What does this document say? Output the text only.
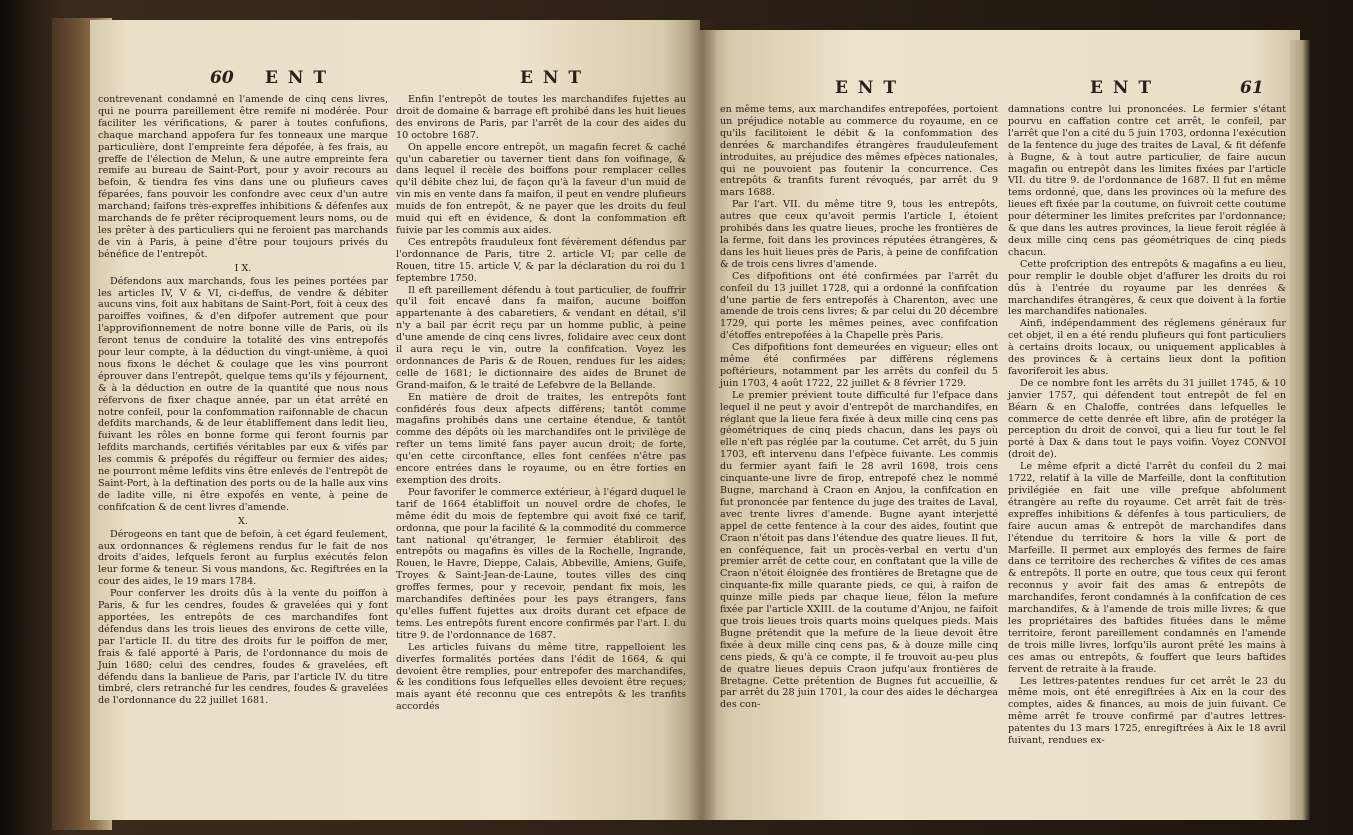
60 E N T	E N T

contrevenant condamné en l'amende de cinq cens livres, qui ne pourra pareillement être remife ni modérée. Pour faciliter les vérifications, & parer à toutes confufions, chaque marchand appofera fur fes tonneaux une marque particulière, dont l'empreinte fera dépofée, à fes frais, au greffe de l'élection de Melun, & une autre empreinte fera remife au bureau de Saint-Port, pour y avoir recours au befoin, & tiendra fes vins dans une ou plufieurs caves féparées, fans pouvoir les confondre avec ceux d'un autre marchand; faifons très-expreffes inhibitions & défenfes aux marchands de fe prêter réciproquement leurs noms, ou de les prêter à des particuliers qui ne feroient pas marchands de vin à Paris, à peine d'être pour toujours privés du bénéfice de l'entrepôt.

I X.

Défendons aux marchands, fous les peines portées par les articles IV, V & VI, ci-deffus, de vendre & débiter aucuns vins, foit aux habitans de Saint-Port, foit à ceux des paroiffes voifines, & d'en difpofer autrement que pour l'approvifionnement de notre bonne ville de Paris, où ils feront tenus de conduire la totalité des vins entrepofés pour leur compte, à la déduction du vingt-unième, à quoi nous fixons le déchet & coulage que les vins pourront éprouver dans l'entrepôt, quelque tems qu'ils y féjournent, & à la déduction en outre de la quantité que nous nous réfervons de fixer chaque année, par un état arrêté en notre confeil, pour la confommation raifonnable de chacun defdits marchands, & de leur établiffement dans ledit lieu, fuivant les rôles en bonne forme qui feront fournis par lefdits marchands, certifiés véritables par eux & vifés par les commis & prépofés du régiffeur ou fermier des aides; ne pourront même lefdits vins être enlevés de l'entrepôt de Saint-Port, à la deftination des ports ou de la halle aux vins de ladite ville, ni être expofés en vente, à peine de confifcation & de cent livres d'amende.

X.

Dérogeons en tant que de befoin, à cet égard feulement, aux ordonnances & réglemens rendus fur le fait de nos droits d'aides, lefquels feront au furplus exécutés felon leur forme & teneur. Si vous mandons, &c. Regiftrées en la cour des aides, le 19 mars 1784.

Pour conferver les droits dûs à la vente du poiffon à Paris, & fur les cendres, foudes & gravelées qui y font apportées, les entrepôts de ces marchandifes font défendus dans les trois lieues des environs de cette ville, par l'article II. du titre des droits fur le poiffon de mer, frais & falé apporté à Paris, de l'ordonnance du mois de Juin 1680; celui des cendres, foudes & gravelées, eft défendu dans la banlieue de Paris, par l'article IV. du titre timbré, clers retranché fur les cendres, foudes & gravelées de l'ordonnance du 22 juillet 1681.

Enfin l'entrepôt de toutes les marchandifes fujettes au droit de domaine & barrage eft prohibé dans les huit lieues des environs de Paris, par l'arrêt de la cour des aides du 10 octobre 1687.

On appelle encore entrepôt, un magafin fecret & caché qu'un cabaretier ou taverner tient dans fon voifinage, & dans lequel il recèle des boiffons pour remplacer celles qu'il débite chez lui, de façon qu'à la faveur d'un muid de vin mis en vente dans fa maifon, il peut en vendre plufieurs muids de fon entrepôt, & ne payer que les droits du feul muid qui eft en évidence, & dont la confommation eft fuivie par les commis aux aides.

Ces entrepôts frauduleux font févèrement défendus par l'ordonnance de Paris, titre 2. article VI; par celle de Rouen, titre 15. article V, & par la déclaration du roi du 1 feptembre 1750.

Il eft pareillement défendu à tout particulier, de fouffrir qu'il foit encavé dans fa maifon, aucune boiffon appartenante à des cabaretiers, & vendant en détail, s'il n'y a bail par écrit reçu par un homme public, à peine d'une amende de cinq cens livres, folidaire avec ceux dont il aura reçu le vin, outre la confifcation. Voyez les ordonnances de Paris & de Rouen, rendues fur les aides; celle de 1681; le dictionnaire des aides de Brunet de Grand-maifon, & le traité de Lefebvre de la Bellande.

En matière de droit de traites, les entrepôts font confidérés fous deux afpects différens; tantôt comme magafins prohibés dans une certaine étendue, & tantôt comme des dépôts où les marchandifes ont le privilège de refter un tems limité fans payer aucun droit; de forte, qu'en cette circonftance, elles font cenfées n'être pas encore entrées dans le royaume, ou en être forties en exemption des droits.

Pour favorifer le commerce extérieur, à l'égard duquel le tarif de 1664 établiffoit un nouvel ordre de chofes, le même édit du mois de feptembre qui avoit fixé ce tarif, ordonna, que pour la facilité & la commodité du commerce tant national qu'étranger, le fermier établiroit des entrepôts ou magafins ès villes de la Rochelle, Ingrande, Rouen, le Havre, Dieppe, Calais, Abbeville, Amiens, Guife, Troyes & Saint-Jean-de-Laune, toutes villes des cinq groffes fermes, pour y recevoir, pendant fix mois, les marchandifes deftinées pour les pays étrangers, fans qu'elles fuffent fujettes aux droits durant cet efpace de tems. Les entrepôts furent encore confirmés par l'art. I. du titre 9. de l'ordonnance de 1687.

Les articles fuivans du même titre, rappelloient les diverfes formalités portées dans l'édit de 1664, & qui devoient être remplies, pour entrepofer des marchandifes, & les conditions fous lefquelles elles devoient être reçues; mais ayant été reconnu que ces entrepôts & les tranfits accordés

E N T	E N T	61

en même tems, aux marchandifes entrepofées, portoient un préjudice notable au commerce du royaume, en ce qu'ils facilitoient le débit & la confommation des denrées & marchandifes étrangères frauduleufement introduites, au préjudice des mêmes efpèces nationales, qui ne pouvoient pas foutenir la concurrence. Ces entrepôts & tranfits furent révoqués, par arrêt du 9 mars 1688.

Par l'art. VII. du même titre 9, tous les entrepôts, autres que ceux qu'avoit permis l'article I, étoient prohibés dans les quatre lieues, proche les frontières de la ferme, foit dans les provinces réputées étrangères, & dans les huit lieues près de Paris, à peine de confifcation & de trois cens livres d'amende.

Ces difpofitions ont été confirmées par l'arrêt du confeil du 13 juillet 1728, qui a ordonné la confifcation d'une partie de fers entrepofés à Charenton, avec une amende de trois cens livres; & par celui du 20 décembre 1729, qui porte les mêmes peines, avec confifcation d'étoffes entrepofées à la Chapelle près Paris.

Ces difpofitions font demeurées en vigueur; elles ont même été confirmées par différens réglemens poftérieurs, notamment par les arrêts du confeil du 5 juin 1703, 4 août 1722, 22 juillet & 8 février 1729.

Le premier prévient toute difficulté fur l'efpace dans lequel il ne peut y avoir d'entrepôt de marchandifes, en réglant que la lieue fera fixée à deux mille cinq cens pas géométriques de cinq pieds chacun, dans les pays où elle n'eft pas réglée par la coutume. Cet arrêt, du 5 juin 1703, eft intervenu dans l'efpèce fuivante. Les commis du fermier ayant faifi le 28 avril 1698, trois cens cinquante-une livre de firop, entrepofé chez le nommé Bugne, marchand à Craon en Anjou, la confifcation en fut prononcée par fentence du juge des traites de Laval, avec trente livres d'amende. Bugne ayant interjetté appel de cette fentence à la cour des aides, foutint que Craon n'étoit pas dans l'étendue des quatre lieues. Il fut, en conféquence, fait un procès-verbal en vertu d'un premier arrêt de cette cour, en conftatant que la ville de Craon n'étoit éloignée des frontières de Bretagne que de cinquante-fix mille quarante pieds, ce qui, à raifon de quinze mille pieds par chaque lieue, félon la mefure fixée par l'article XXIII. de la coutume d'Anjou, ne faifoit que trois lieues trois quarts moins quelques pieds. Mais Bugne prétendit que la mefure de la lieue devoit être fixée à deux mille cinq cens pas, & à douze mille cinq cens pieds, & qu'à ce compte, il fe trouvoit au-peu plus de quatre lieues depuis Craon jufqu'aux frontières de Bretagne. Cette prétention de Bugnes fut accueillie, & par arrêt du 28 juin 1701, la cour des aides le déchargea des con-

damnations contre lui prononcées. Le fermier s'étant pourvu en caffation contre cet arrêt, le confeil, par l'arrêt que l'on a cité du 5 juin 1703, ordonna l'exécution de la fentence du juge des traites de Laval, & fit défenfe à Bugne, & à tout autre particulier, de faire aucun magafin ou entrepôt dans les limites fixées par l'article VII. du titre 9. de l'ordonnance de 1687. Il fut en même tems ordonné, que, dans les provinces où la mefure des lieues eft fixée par la coutume, on fuivroit cette coutume pour déterminer les limites prefcrites par l'ordonnance; & que dans les autres provinces, la lieue feroit réglée à deux mille cinq cens pas géométriques de cinq pieds chacun.

Cette profcription des entrepôts & magafins a eu lieu, pour remplir le double objet d'affurer les droits du roi dûs à l'entrée du royaume par les denrées & marchandifes étrangères, & ceux que doivent à la fortie les marchandifes nationales.

Ainfi, indépendamment des réglemens généraux fur cet objet, il en a été rendu plufieurs qui font particuliers à certains droits locaux, ou uniquement applicables à des provinces & à certains lieux dont la pofition favoriferoit les abus.

De ce nombre font les arrêts du 31 juillet 1745, & 10 janvier 1757, qui défendent tout entrepôt de fel en Béarn & en Chaloffe, contrées dans lefquelles le commerce de cette denrée eft libre, afin de protéger la perception du droit de convoi, qui a lieu fur tout le fel porté à Dax & dans tout le pays voifin. Voyez CONVOI (droit de).

Le même efprit a dicté l'arrêt du confeil du 2 mai 1722, relatif à la ville de Marfeille, dont la conftitution privilégiée en fait une ville prefque abfolument étrangère au refte du royaume. Cet arrêt fait de très-expreffes inhibitions & défenfes à tous particuliers, de faire aucun amas & entrepôt de marchandifes dans l'étendue du territoire & hors la ville & port de Marfeille. Il permet aux employés des fermes de faire dans ce territoire des recherches & vifites de ces amas & entrepôts. Il porte en outre, que tous ceux qui feront reconnus y avoir fait des amas & entrepôts de marchandifes, feront condamnés à la confifcation de ces marchandifes, & à l'amende de trois mille livres; & que les propriétaires des baftides fituées dans le même territoire, feront pareillement condamnés en l'amende de trois mille livres, lorfqu'ils auront prêté les mains à ces amas ou entrepôts, & fouffert que leurs baftides fervent de retraite à la fraude.

Les lettres-patentes rendues fur cet arrêt le 23 du même mois, ont été enregiftrées à Aix en la cour des comptes, aides & finances, au mois de juin fuivant. Ce même arrêt fe trouve confirmé par d'autres lettres-patentes du 13 mars 1725, enregiftrées à Aix le 18 avril fuivant, rendues ex-
